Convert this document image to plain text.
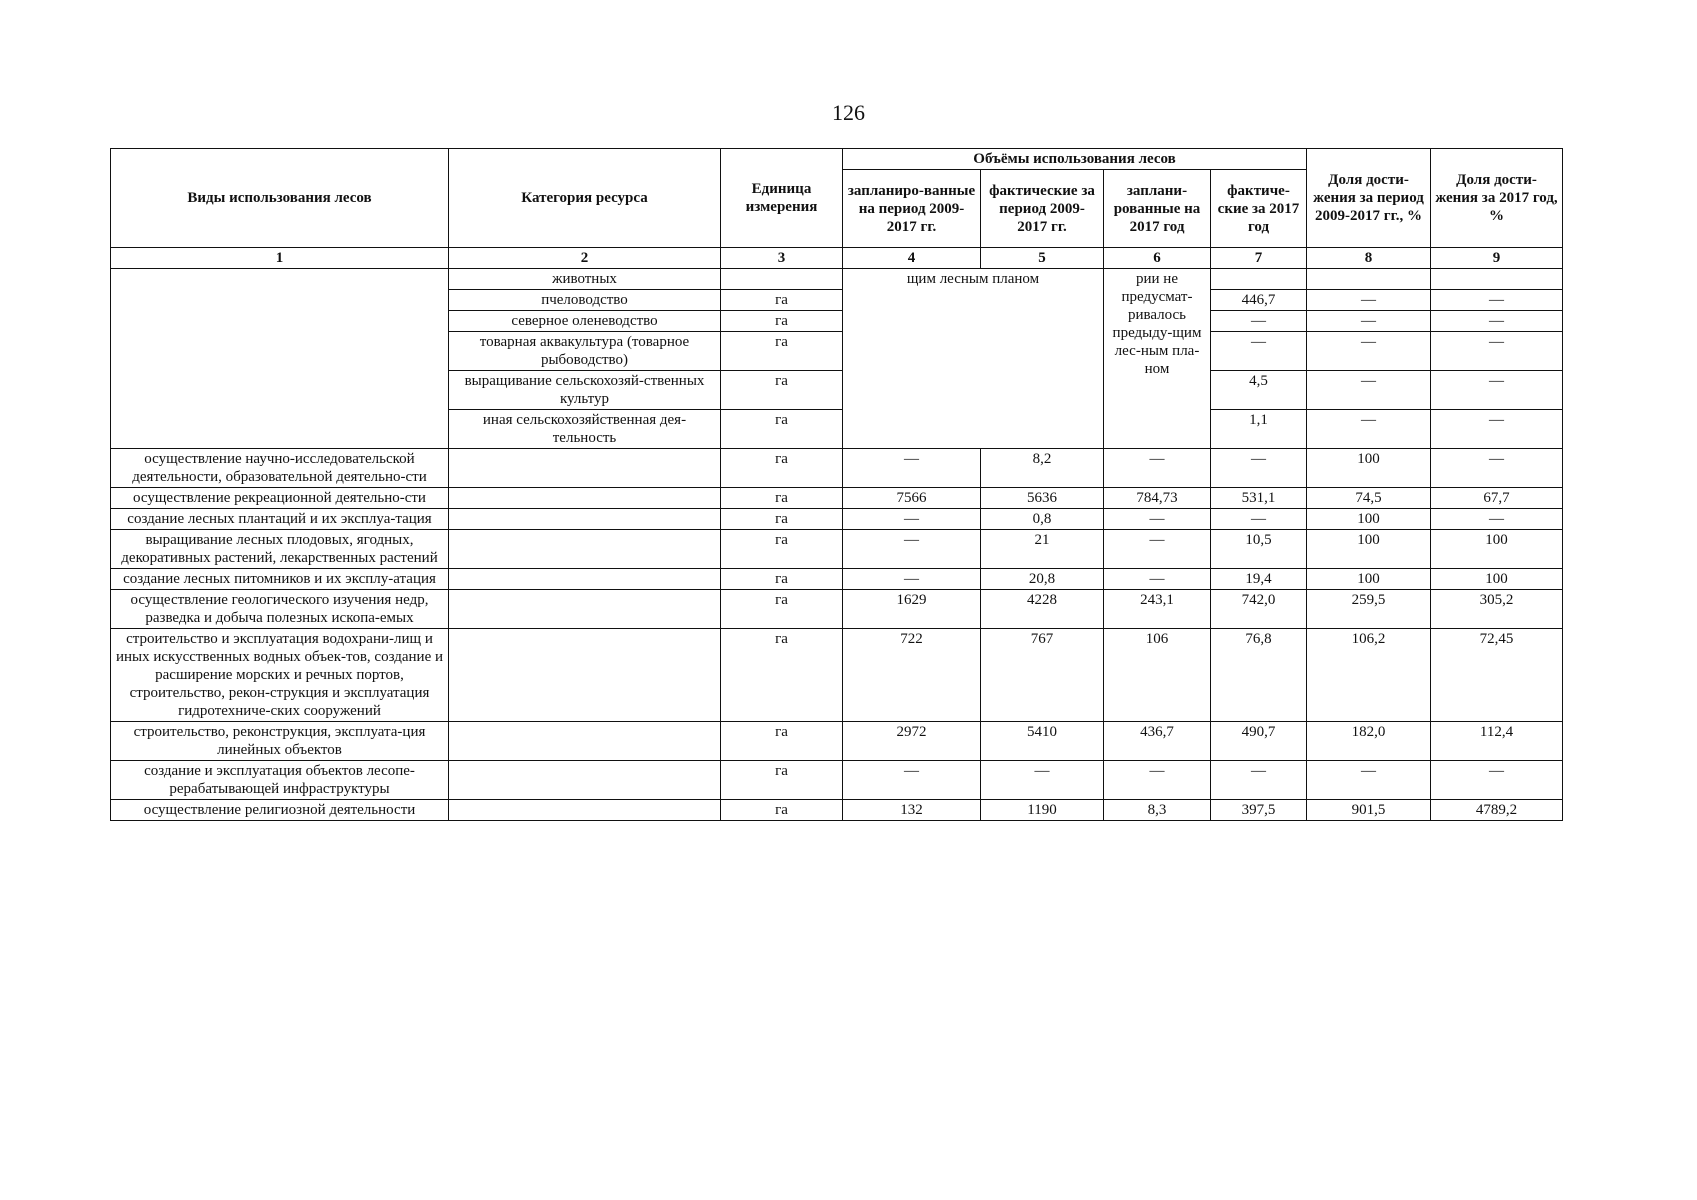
126
Виды использования лесов	Категория ресурса	Единица измерения	Объёмы использования лесов				Доля дости-жения за период 2009-2017 гг., %	Доля дости-жения за 2017 год, %
			запланиро-ванные на период 2009-2017 гг.	фактические за период 2009-2017 гг.	заплани-рованные на 2017 год	фактиче-ские за 2017 год		
1	2	3	4	5	6	7	8	9
	животных		щим лесным планом		рии не предусмат-ривалось предыду-щим лес-ным пла-ном			
	пчеловодство	га				446,7	—	—
	северное оленеводство	га				—	—	—
	товарная аквакультура (товарное рыбоводство)	га				—	—	—
	выращивание сельскохозяй-ственных культур	га				4,5	—	—
	иная сельскохозяйственная дея-тельность	га				1,1	—	—
осуществление научно-исследовательской деятельности, образовательной деятельно-сти		га	—	8,2	—	—	100	—
осуществление рекреационной деятельно-сти		га	7566	5636	784,73	531,1	74,5	67,7
создание лесных плантаций и их эксплуа-тация		га	—	0,8	—	—	100	—
выращивание лесных плодовых, ягодных, декоративных растений, лекарственных растений		га	—	21	—	10,5	100	100
создание лесных питомников и их эксплу-атация		га	—	20,8	—	19,4	100	100
осуществление геологического изучения недр, разведка и добыча полезных ископа-емых		га	1629	4228	243,1	742,0	259,5	305,2
строительство и эксплуатация водохрани-лищ и иных искусственных водных объек-тов, создание и расширение морских и речных портов, строительство, рекон-струкция и эксплуатация гидротехниче-ских сооружений		га	722	767	106	76,8	106,2	72,45
строительство, реконструкция, эксплуата-ция линейных объектов		га	2972	5410	436,7	490,7	182,0	112,4
создание и эксплуатация объектов лесопе-рерабатывающей инфраструктуры		га	—	—	—	—	—	—
осуществление религиозной деятельности		га	132	1190	8,3	397,5	901,5	4789,2
